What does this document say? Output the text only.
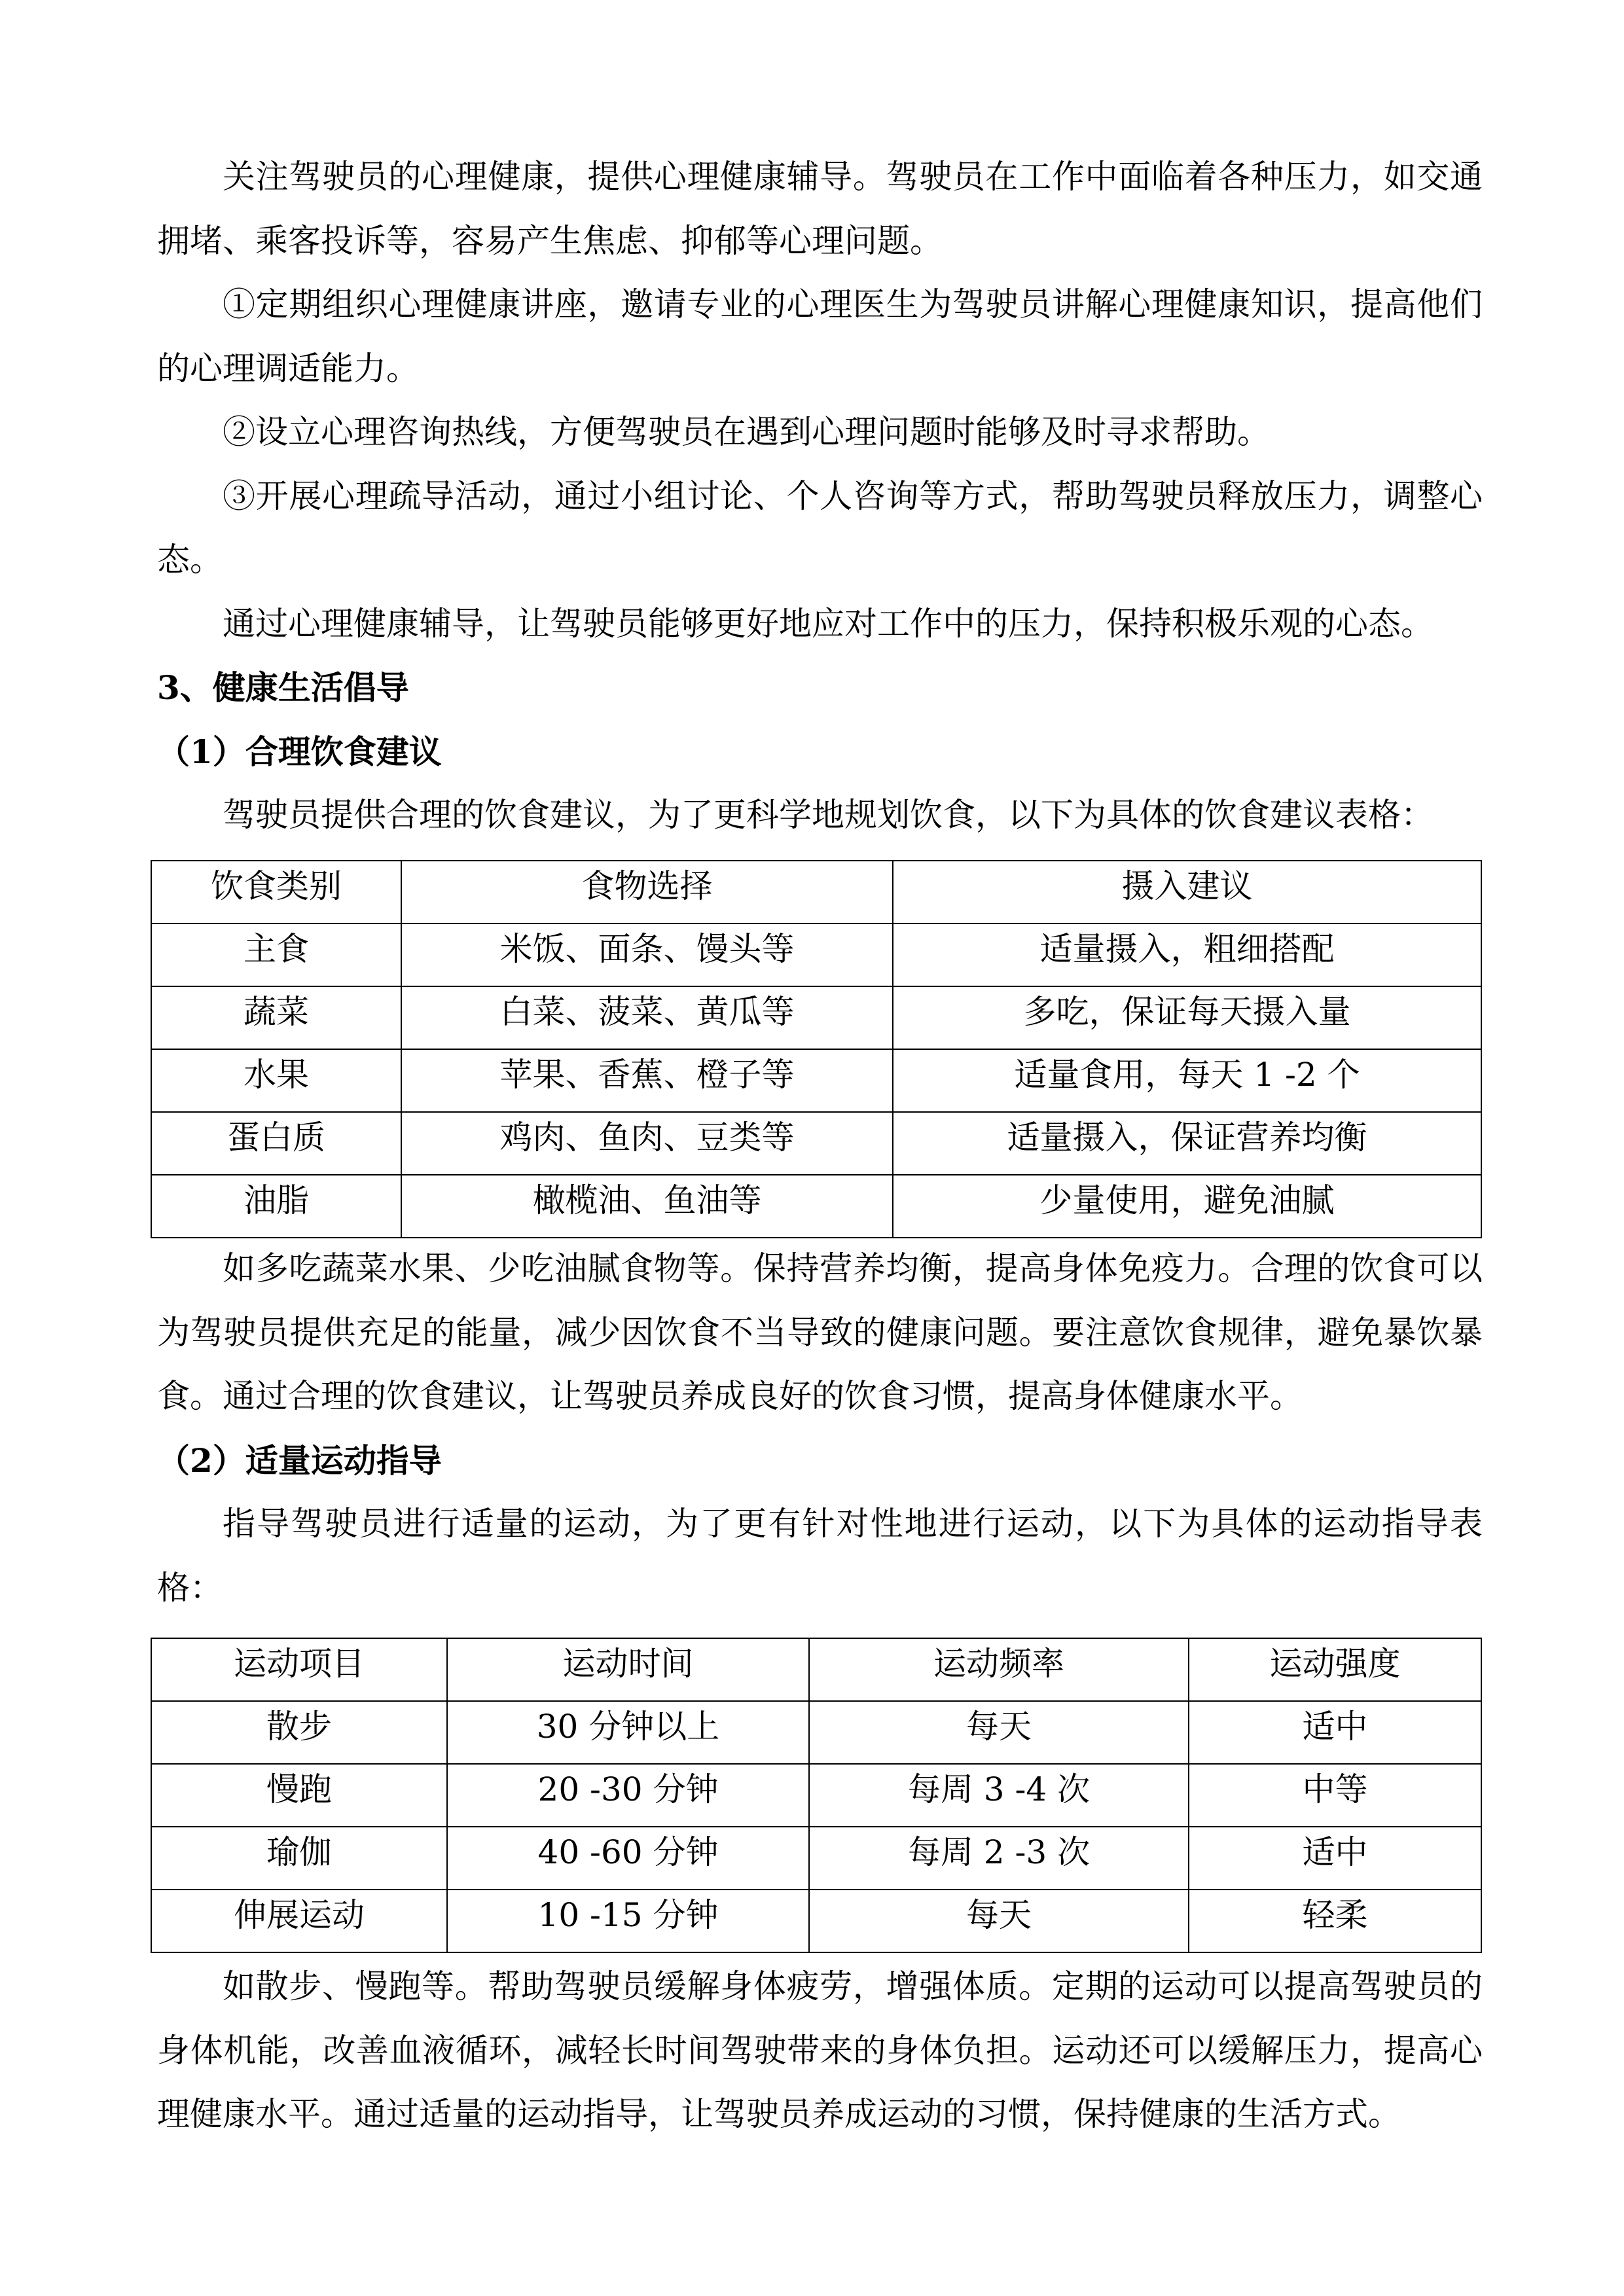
关注驾驶员的心理健康，提供心理健康辅导。驾驶员在工作中面临着各种压力，如交通拥堵、乘客投诉等，容易产生焦虑、抑郁等心理问题。

①定期组织心理健康讲座，邀请专业的心理医生为驾驶员讲解心理健康知识，提高他们的心理调适能力。

②设立心理咨询热线，方便驾驶员在遇到心理问题时能够及时寻求帮助。

③开展心理疏导活动，通过小组讨论、个人咨询等方式，帮助驾驶员释放压力，调整心态。

通过心理健康辅导，让驾驶员能够更好地应对工作中的压力，保持积极乐观的心态。

3、健康生活倡导
（1）合理饮食建议

驾驶员提供合理的饮食建议，为了更科学地规划饮食，以下为具体的饮食建议表格：

饮食类别	食物选择	摄入建议
主食	米饭、面条、馒头等	适量摄入，粗细搭配
蔬菜	白菜、菠菜、黄瓜等	多吃，保证每天摄入量
水果	苹果、香蕉、橙子等	适量食用，每天 1 -2 个
蛋白质	鸡肉、鱼肉、豆类等	适量摄入，保证营养均衡
油脂	橄榄油、鱼油等	少量使用，避免油腻

如多吃蔬菜水果、少吃油腻食物等。保持营养均衡，提高身体免疫力。合理的饮食可以为驾驶员提供充足的能量，减少因饮食不当导致的健康问题。要注意饮食规律，避免暴饮暴食。通过合理的饮食建议，让驾驶员养成良好的饮食习惯，提高身体健康水平。

（2）适量运动指导

指导驾驶员进行适量的运动，为了更有针对性地进行运动，以下为具体的运动指导表格：

运动项目	运动时间	运动频率	运动强度
散步	30 分钟以上	每天	适中
慢跑	20 -30 分钟	每周 3 -4 次	中等
瑜伽	40 -60 分钟	每周 2 -3 次	适中
伸展运动	10 -15 分钟	每天	轻柔

如散步、慢跑等。帮助驾驶员缓解身体疲劳，增强体质。定期的运动可以提高驾驶员的身体机能，改善血液循环，减轻长时间驾驶带来的身体负担。运动还可以缓解压力，提高心理健康水平。通过适量的运动指导，让驾驶员养成运动的习惯，保持健康的生活方式。
